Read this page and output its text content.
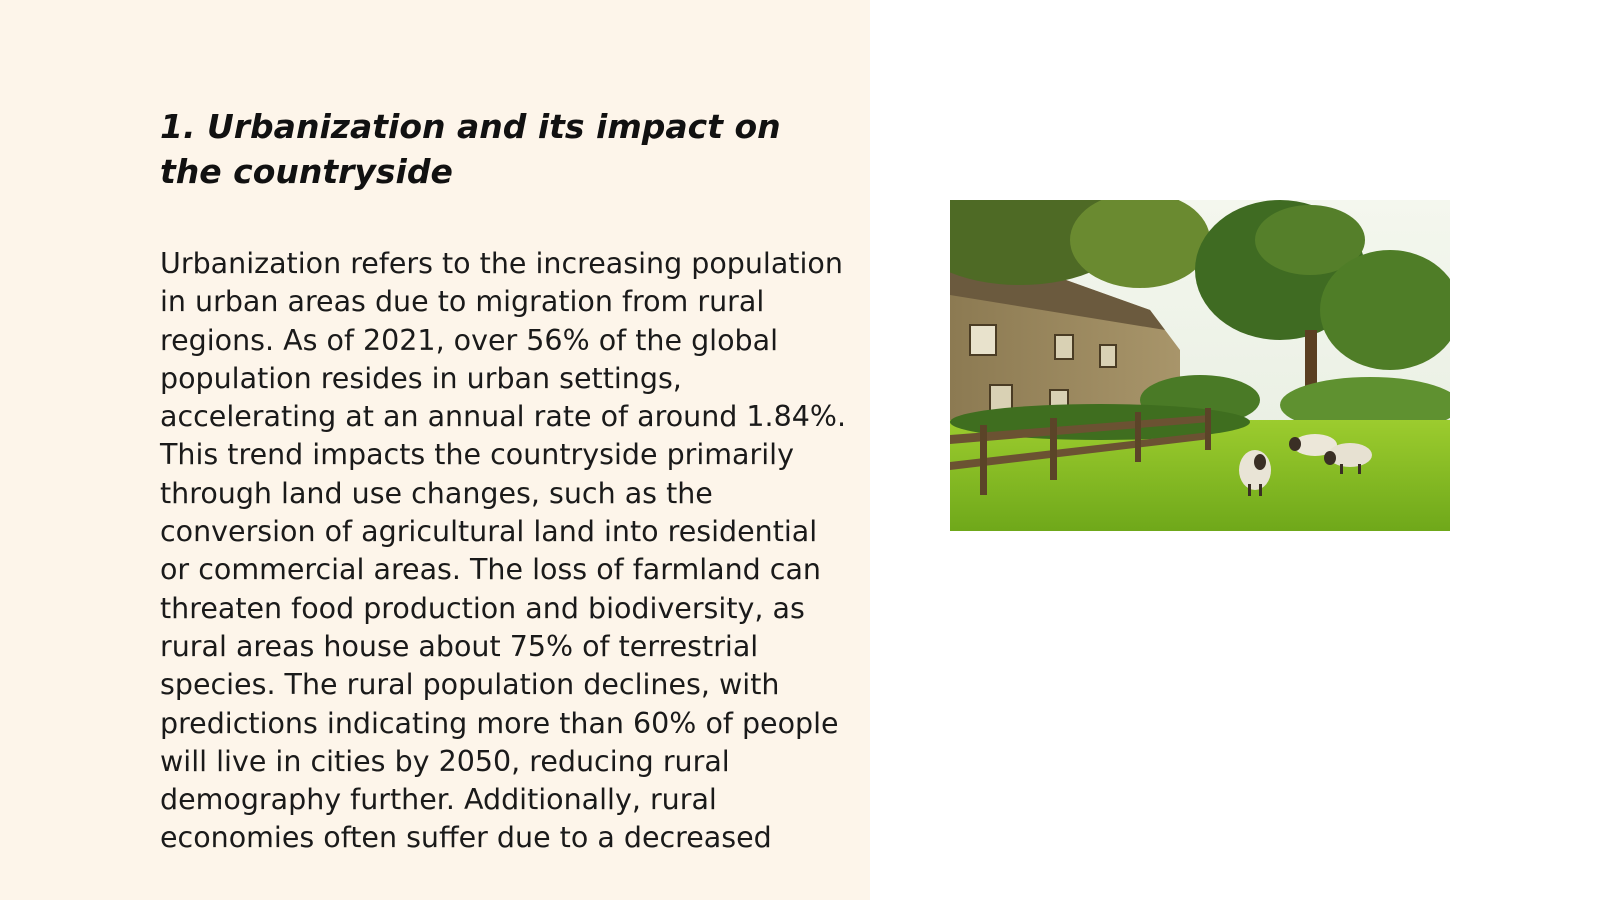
1. Urbanization and its impact on the countryside

Urbanization refers to the increasing population in urban areas due to migration from rural regions. As of 2021, over 56% of the global population resides in urban settings, accelerating at an annual rate of around 1.84%. This trend impacts the countryside primarily through land use changes, such as the conversion of agricultural land into residential or commercial areas. The loss of farmland can threaten food production and biodiversity, as rural areas house about 75% of terrestrial species. The rural population declines, with predictions indicating more than 60% of people will live in cities by 2050, reducing rural demography further. Additionally, rural economies often suffer due to a decreased
